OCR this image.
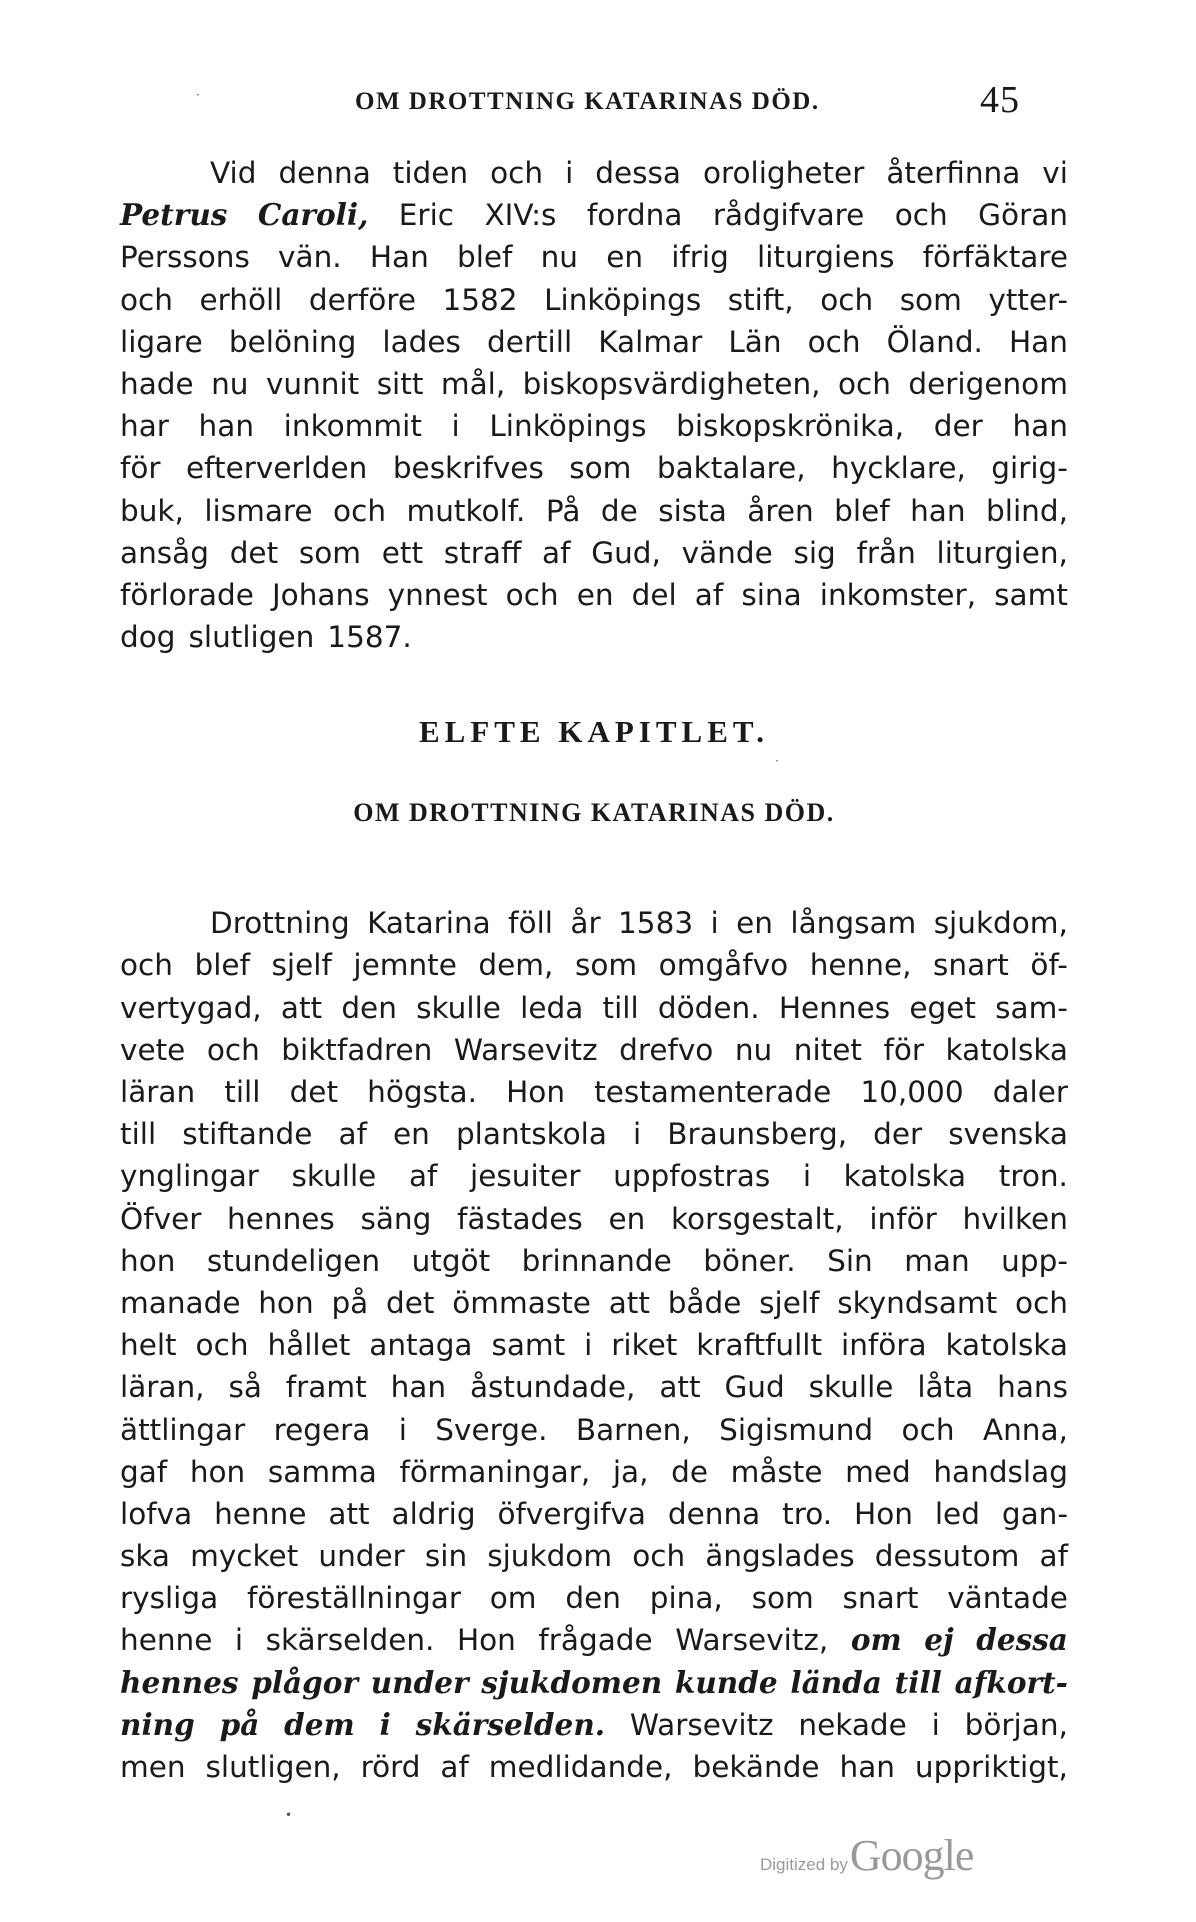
·	OM DROTTNING KATARINAS DÖD.	45
Vid denna tiden och i dessa oroligheter återfinna vi
Petrus Caroli, Eric XIV:s fordna rådgifvare och Göran
Perssons vän. Han blef nu en ifrig liturgiens förfäktare
och erhöll derföre 1582 Linköpings stift, och som ytter-
ligare belöning lades dertill Kalmar Län och Öland. Han
hade nu vunnit sitt mål, biskopsvärdigheten, och derigenom
har han inkommit i Linköpings biskopskrönika, der han
för efterverlden beskrifves som baktalare, hycklare, girig-
buk, lismare och mutkolf. På de sista åren blef han blind,
ansåg det som ett straff af Gud, vände sig från liturgien,
förlorade Johans ynnest och en del af sina inkomster, samt
dog slutligen 1587.
ELFTE KAPITLET.
·
OM DROTTNING KATARINAS DÖD.
Drottning Katarina föll år 1583 i en långsam sjukdom,
och blef sjelf jemnte dem, som omgåfvo henne, snart öf-
vertygad, att den skulle leda till döden. Hennes eget sam-
vete och biktfadren Warsevitz drefvo nu nitet för katolska
läran till det högsta. Hon testamenterade 10,000 daler
till stiftande af en plantskola i Braunsberg, der svenska
ynglingar skulle af jesuiter uppfostras i katolska tron.
Öfver hennes säng fästades en korsgestalt, inför hvilken
hon stundeligen utgöt brinnande böner. Sin man upp-
manade hon på det ömmaste att både sjelf skyndsamt och
helt och hållet antaga samt i riket kraftfullt införa katolska
läran, så framt han åstundade, att Gud skulle låta hans
ättlingar regera i Sverge. Barnen, Sigismund och Anna,
gaf hon samma förmaningar, ja, de måste med handslag
lofva henne att aldrig öfvergifva denna tro. Hon led gan-
ska mycket under sin sjukdom och ängslades dessutom af
rysliga föreställningar om den pina, som snart väntade
henne i skärselden. Hon frågade Warsevitz, om ej dessa
hennes plågor under sjukdomen kunde lända till afkort-
ning på dem i skärselden. Warsevitz nekade i början,
men slutligen, rörd af medlidande, bekände han uppriktigt,
•
Digitized by Google
